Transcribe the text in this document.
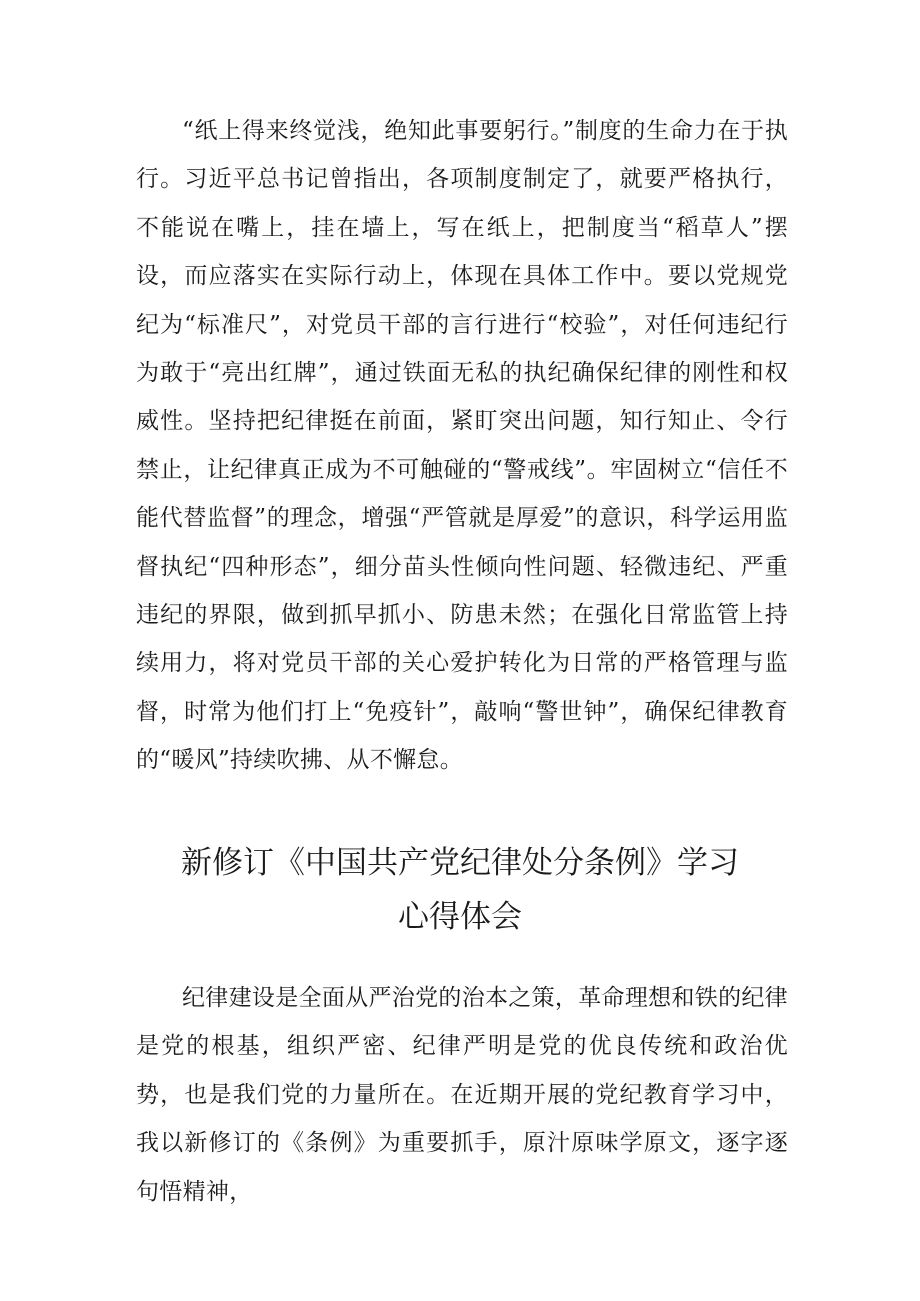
“纸上得来终觉浅，绝知此事要躬行。”制度的生命力在于执行。习近平总书记曾指出，各项制度制定了，就要严格执行，不能说在嘴上，挂在墙上，写在纸上，把制度当“稻草人”摆设，而应落实在实际行动上，体现在具体工作中。要以党规党纪为“标准尺”，对党员干部的言行进行“校验”，对任何违纪行为敢于“亮出红牌”，通过铁面无私的执纪确保纪律的刚性和权威性。坚持把纪律挺在前面，紧盯突出问题，知行知止、令行禁止，让纪律真正成为不可触碰的“警戒线”。牢固树立“信任不能代替监督”的理念，增强“严管就是厚爱”的意识，科学运用监督执纪“四种形态”，细分苗头性倾向性问题、轻微违纪、严重违纪的界限，做到抓早抓小、防患未然；在强化日常监管上持续用力，将对党员干部的关心爱护转化为日常的严格管理与监督，时常为他们打上“免疫针”，敲响“警世钟”，确保纪律教育的“暖风”持续吹拂、从不懈怠。

新修订《中国共产党纪律处分条例》学习
心得体会

纪律建设是全面从严治党的治本之策，革命理想和铁的纪律是党的根基，组织严密、纪律严明是党的优良传统和政治优势，也是我们党的力量所在。在近期开展的党纪教育学习中，我以新修订的《条例》为重要抓手，原汁原味学原文，逐字逐句悟精神，
